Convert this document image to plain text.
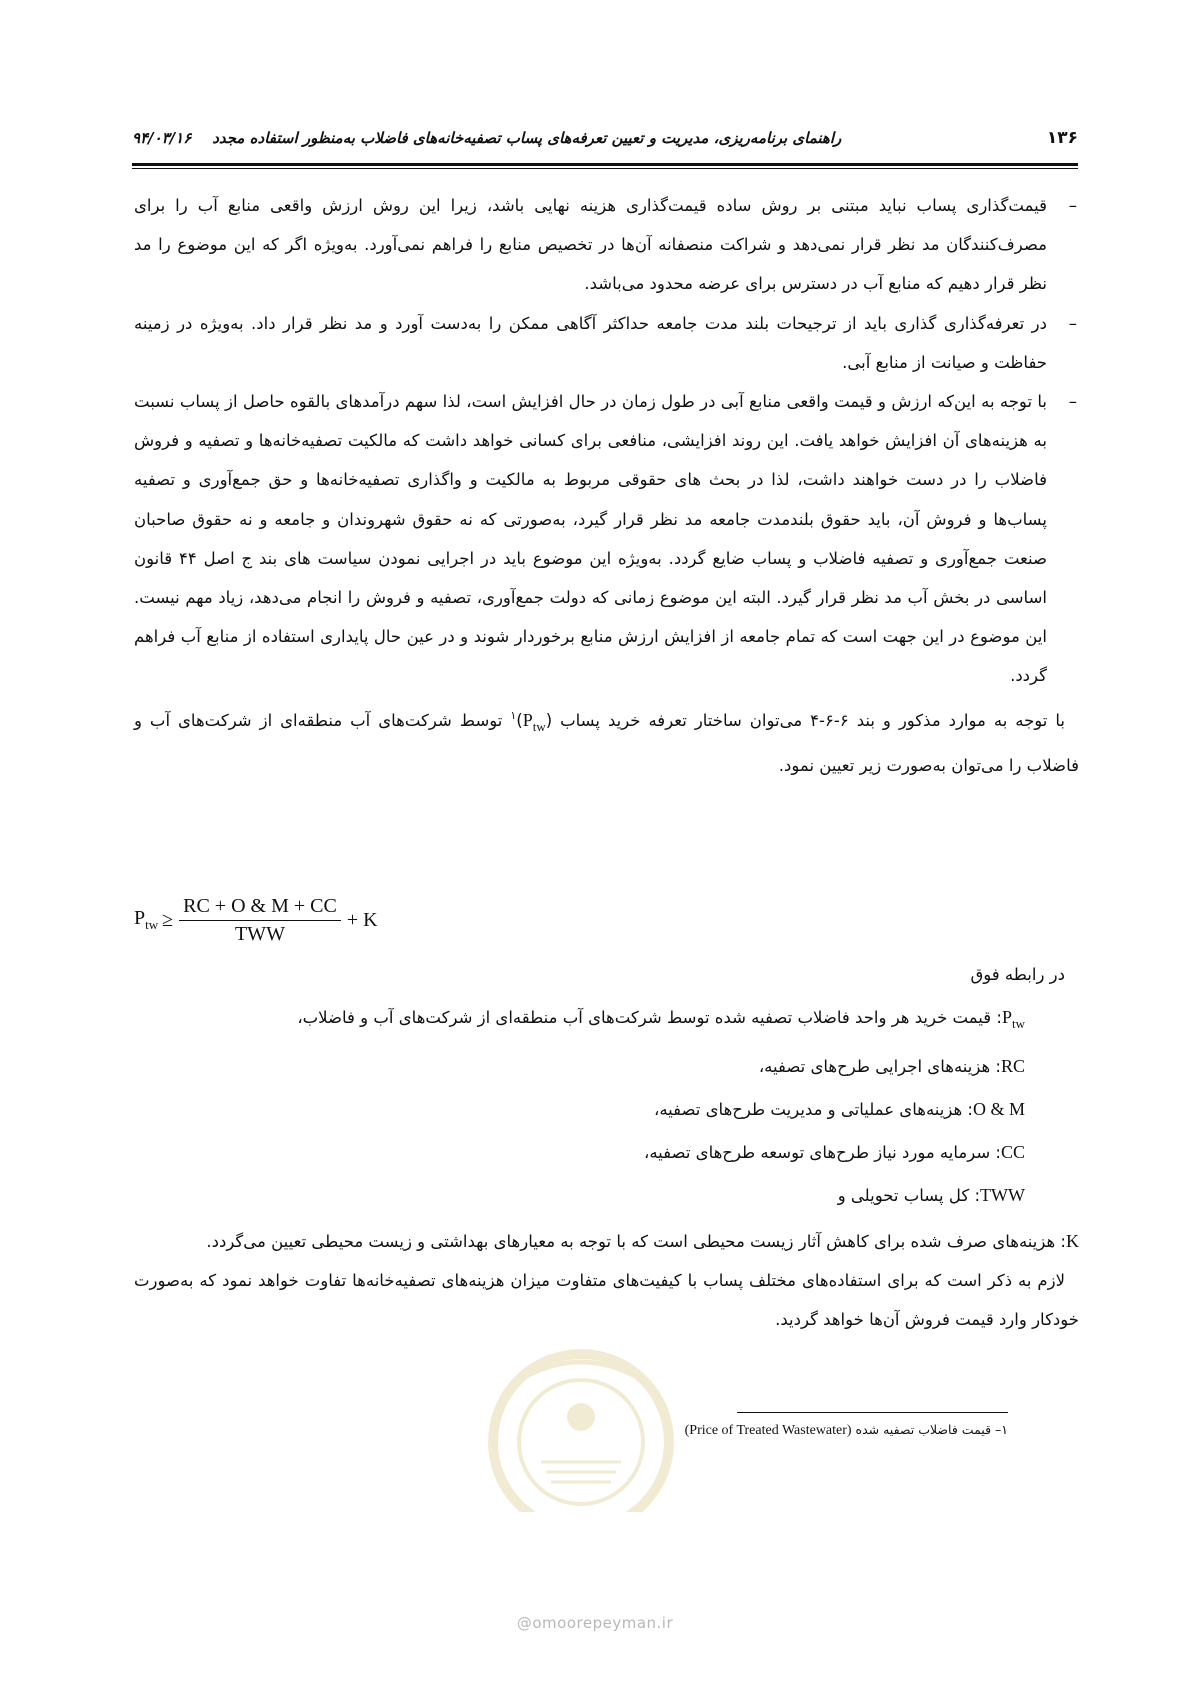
۱۳۶
راهنمای برنامه‌ریزی، مدیریت و تعیین تعرفه‌های پساب تصفیه‌خانه‌های فاضلاب به‌منظور استفاده مجدد    ۹۴/۰۳/۱۶
–
قیمت‌گذاری پساب نباید مبتنی بر روش ساده قیمت‌گذاری هزینه نهایی باشد، زیرا این روش ارزش واقعی منابع آب را برای مصرف‌کنندگان مد نظر قرار نمی‌دهد و شراکت منصفانه آن‌ها در تخصیص منابع را فراهم نمی‌آورد. به‌ویژه اگر که این موضوع را مد نظر قرار دهیم که منابع آب در دسترس برای عرضه محدود می‌باشد.
–
در تعرفه‌گذاری گذاری باید از ترجیحات بلند مدت جامعه حداکثر آگاهی ممکن را به‌دست آورد و مد نظر قرار داد. به‌ویژه در زمینه حفاظت و صیانت از منابع آبی.
–
با توجه به این‌که ارزش و قیمت واقعی منابع آبی در طول زمان در حال افزایش است، لذا سهم درآمدهای بالقوه حاصل از پساب نسبت به هزینه‌های آن افزایش خواهد یافت. این روند افزایشی، منافعی برای کسانی خواهد داشت که مالکیت تصفیه‌خانه‌ها و تصفیه و فروش فاضلاب را در دست خواهند داشت، لذا در بحث های حقوقی مربوط به مالکیت و واگذاری تصفیه‌خانه‌ها و حق جمع‌آوری و تصفیه پساب‌ها و فروش آن، باید حقوق بلندمدت جامعه مد نظر قرار گیرد، به‌صورتی که نه حقوق شهروندان و جامعه و نه حقوق صاحبان صنعت جمع‌آوری و تصفیه فاضلاب و پساب ضایع گردد. به‌ویژه این موضوع باید در اجرایی نمودن سیاست های بند ج اصل ۴۴ قانون اساسی در بخش آب مد نظر قرار گیرد. البته این موضوع زمانی که دولت جمع‌آوری، تصفیه و فروش را انجام می‌دهد، زیاد مهم نیست. این موضوع در این جهت است که تمام جامعه از افزایش ارزش منابع برخوردار شوند و در عین حال پایداری استفاده از منابع آب فراهم گردد.

با توجه به موارد مذکور و بند ۶-۶-۴ می‌توان ساختار تعرفه خرید پساب $(P_{tw})^۱$ توسط شرکت‌های آب منطقه‌ای از شرکت‌های آب و فاضلاب را می‌توان به‌صورت زیر تعیین نمود.

$P_{tw} \ge \frac{RC + O \& M + CC}{\text{TWW}} + K$
در رابطه فوق
$P_{tw}$: قیمت خرید هر واحد فاضلاب تصفیه شده توسط شرکت‌های آب منطقه‌ای از شرکت‌های آب و فاضلاب،
RC: هزینه‌های اجرایی طرح‌های تصفیه،
O & M: هزینه‌های عملیاتی و مدیریت طرح‌های تصفیه،
CC: سرمایه مورد نیاز طرح‌های توسعه طرح‌های تصفیه،
TWW: کل پساب تحویلی و

K: هزینه‌های صرف شده برای کاهش آثار زیست محیطی است که با توجه به معیارهای بهداشتی و زیست محیطی تعیین می‌گردد.

لازم به ذکر است که برای استفاده‌های مختلف پساب با کیفیت‌های متفاوت میزان هزینه‌های تصفیه‌خانه‌ها تفاوت خواهد نمود که به‌صورت خودکار وارد قیمت فروش آن‌ها خواهد گردید.

@omoorepeyman.ir
۱– قیمت فاضلاب تصفیه شده (Price of Treated Wastewater)
